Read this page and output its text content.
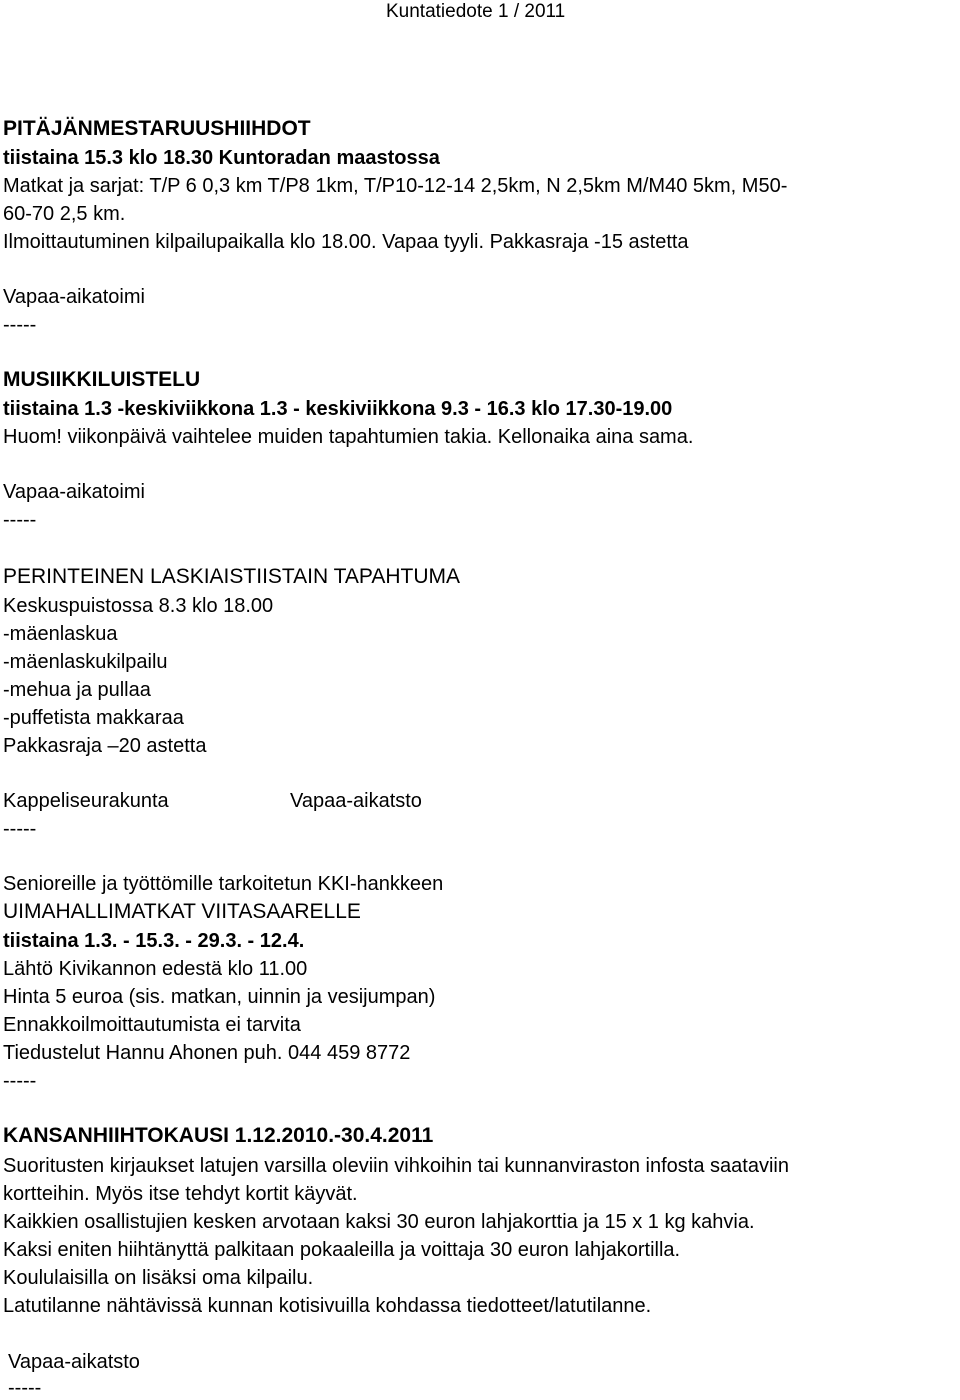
Kuntatiedote 1 / 2011
PITÄJÄNMESTARUUSHIIHDOT
tiistaina 15.3 klo 18.30 Kuntoradan maastossa
Matkat ja sarjat: T/P 6 0,3 km T/P8 1km, T/P10-12-14 2,5km, N 2,5km M/M40 5km, M50-
60-70 2,5 km.
Ilmoittautuminen kilpailupaikalla klo 18.00. Vapaa tyyli. Pakkasraja -15 astetta
Vapaa-aikatoimi
-----
MUSIIKKILUISTELU
tiistaina 1.3 -keskiviikkona 1.3 - keskiviikkona 9.3 - 16.3 klo 17.30-19.00
Huom! viikonpäivä vaihtelee muiden tapahtumien takia. Kellonaika aina sama.
Vapaa-aikatoimi
-----
PERINTEINEN LASKIAISTIISTAIN TAPAHTUMA
Keskuspuistossa 8.3 klo 18.00
-mäenlaskua
-mäenlaskukilpailu
-mehua ja pullaa
-puffetista makkaraa
Pakkasraja –20 astetta
Kappeliseurakunta	Vapaa-aikatsto
-----
Senioreille ja työttömille tarkoitetun KKI-hankkeen
UIMAHALLIMATKAT VIITASAARELLE
tiistaina 1.3. - 15.3. - 29.3. - 12.4.
Lähtö Kivikannon edestä klo 11.00
Hinta 5 euroa (sis. matkan, uinnin ja vesijumpan)
Ennakkoilmoittautumista ei tarvita
Tiedustelut Hannu Ahonen puh. 044 459 8772
-----
KANSANHIIHTOKAUSI 1.12.2010.-30.4.2011
Suoritusten kirjaukset latujen varsilla oleviin vihkoihin tai kunnanviraston infosta saataviin
kortteihin. Myös itse tehdyt kortit käyvät.
Kaikkien osallistujien kesken arvotaan kaksi 30 euron lahjakorttia ja 15 x 1 kg kahvia.
Kaksi eniten hiihtänyttä palkitaan pokaaleilla ja voittaja 30 euron lahjakortilla.
Koululaisilla on lisäksi oma kilpailu.
Latutilanne nähtävissä kunnan kotisivuilla kohdassa tiedotteet/latutilanne.
Vapaa-aikatsto
-----
